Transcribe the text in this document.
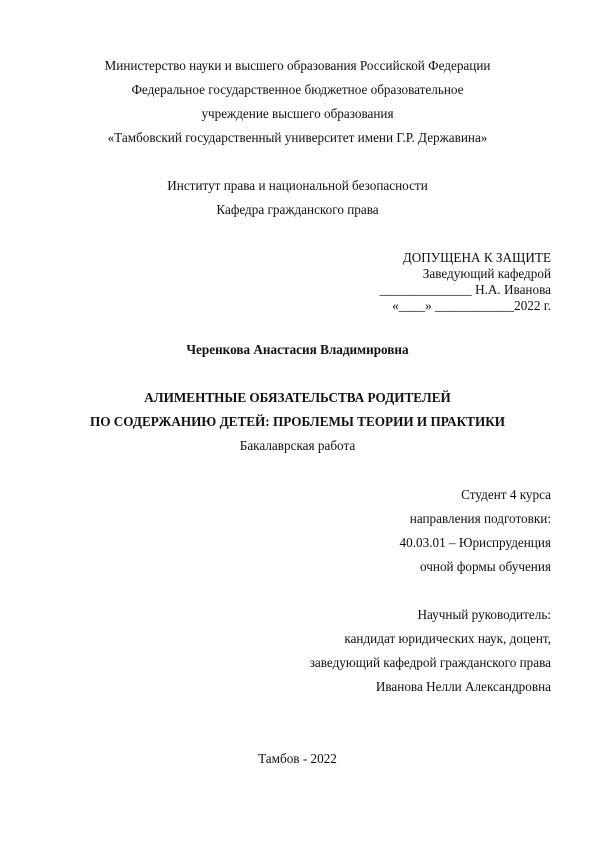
Министерство науки и высшего образования Российской Федерации
Федеральное государственное бюджетное образовательное
учреждение высшего образования
«Тамбовский государственный университет имени Г.Р. Державина»
Институт права и национальной безопасности
Кафедра гражданского права
ДОПУЩЕНА К ЗАЩИТЕ
Заведующий кафедрой
______________ Н.А. Иванова
«____» ____________2022 г.
Черенкова Анастасия Владимировна
АЛИМЕНТНЫЕ ОБЯЗАТЕЛЬСТВА РОДИТЕЛЕЙ
ПО СОДЕРЖАНИЮ ДЕТЕЙ: ПРОБЛЕМЫ ТЕОРИИ И ПРАКТИКИ
Бакалаврская работа
Студент 4 курса
направления подготовки:
40.03.01 – Юриспруденция
очной формы обучения
Научный руководитель:
кандидат юридических наук, доцент,
заведующий кафедрой гражданского права
Иванова Нелли Александровна
Тамбов - 2022
